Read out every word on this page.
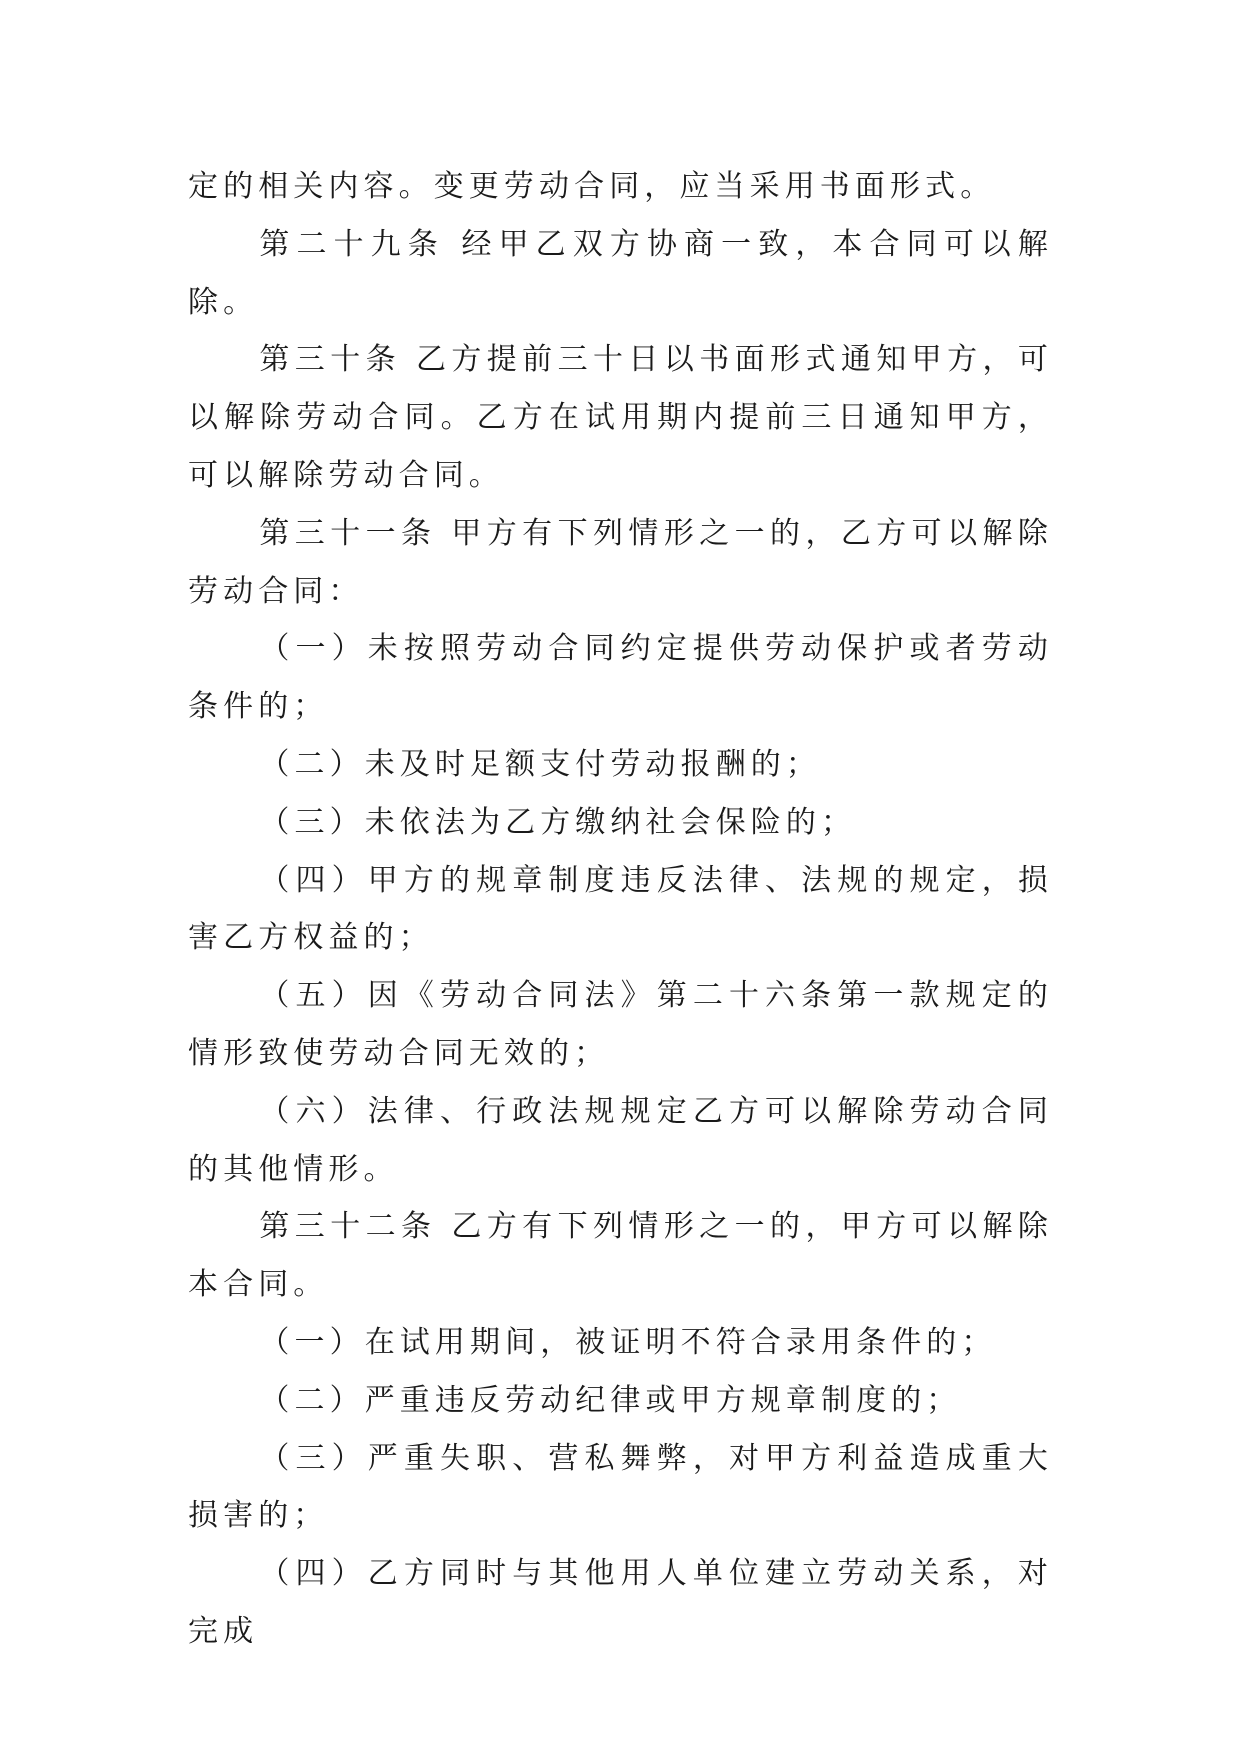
定的相关内容。变更劳动合同，应当采用书面形式。

第二十九条 经甲乙双方协商一致，本合同可以解除。

第三十条 乙方提前三十日以书面形式通知甲方，可以解除劳动合同。乙方在试用期内提前三日通知甲方，可以解除劳动合同。

第三十一条 甲方有下列情形之一的，乙方可以解除劳动合同：

（一）未按照劳动合同约定提供劳动保护或者劳动条件的；

（二）未及时足额支付劳动报酬的；

（三）未依法为乙方缴纳社会保险的；

（四）甲方的规章制度违反法律、法规的规定，损害乙方权益的；

（五）因《劳动合同法》第二十六条第一款规定的情形致使劳动合同无效的；

（六）法律、行政法规规定乙方可以解除劳动合同的其他情形。

第三十二条 乙方有下列情形之一的，甲方可以解除本合同。

（一）在试用期间，被证明不符合录用条件的；

（二）严重违反劳动纪律或甲方规章制度的；

（三）严重失职、营私舞弊，对甲方利益造成重大损害的；

（四）乙方同时与其他用人单位建立劳动关系，对完成
